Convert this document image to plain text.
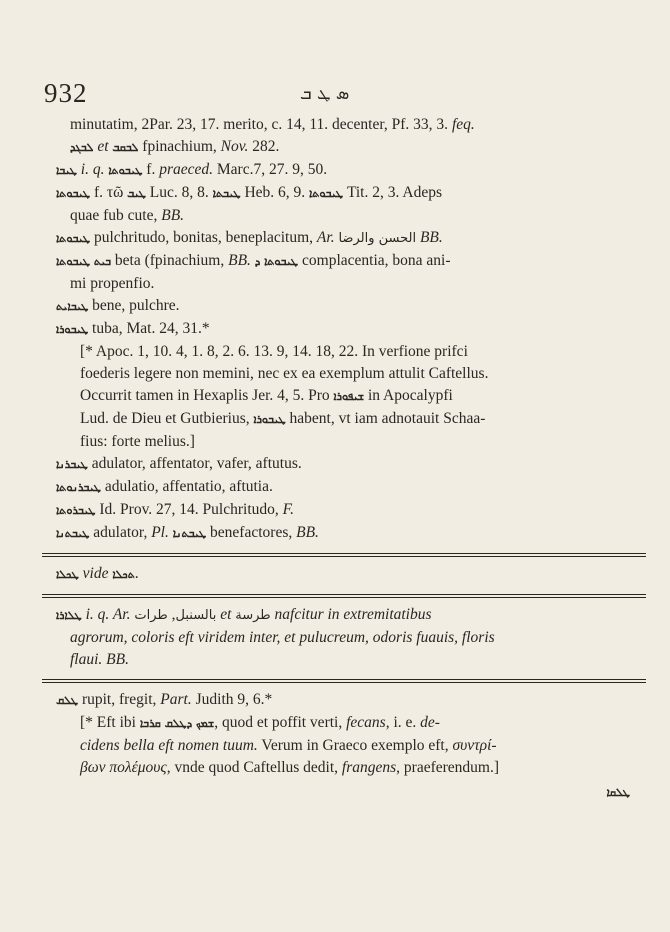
932	ܣ ܛ ܒ
minutatim, 2Par. 23, 17. merito, c. 14, 11. decenter, Pf. 33, 3. feq.
ܠܒܓܕ et ܠܒܩܒ fpinachium, Nov. 282.
ܛܝܒܐ i. q. ܛܝܒܘܬܐ f. praeced. Marc.7, 27. 9, 50.
ܛܝܒܘܬܐ f. τῶ ܛܝܒ Luc. 8, 8. ܛܝܒܬܐ Heb. 6, 9. ܛܝܒܘܬܐ Tit. 2, 3. Adeps
quae fub cute, BB.
ܛܝܒܘܬܐ pulchritudo, bonitas, beneplacitum, Ar. الحسن والرضا BB.
ܒܝܬ ܛܝܒܘܬܐ beta (fpinachium, BB. ܛܝܒܘܬܐ ܕ complacentia, bona ani-
mi propenfio.
ܛܝܒܐܝܬ bene, pulchre.
ܛܝܒܘܪܐ tuba, Mat. 24, 31.*
[* Apoc. 1, 10. 4, 1. 8, 2. 6. 13. 9, 14. 18, 22. In verfione prifci
foederis legere non memini, nec ex ea exemplum attulit Caftellus.
Occurrit tamen in Hexaplis Jer. 4, 5. Pro ܫܝܦܘܪܐ in Apocalypfi
Lud. de Dieu et Gutbierius, ܛܝܒܘܪܐ habent, vt iam adnotauit Schaa-
fius: forte melius.]
ܛܝܒܪܢܐ adulator, affentator, vafer, aftutus.
ܛܝܒܪܢܘܬܐ adulatio, affentatio, aftutia.
ܛܝܒܪܘܬܐ Id. Prov. 27, 14. Pulchritudo, F.
ܛܝܒܬܢܐ adulator, Pl. ܛܝܒܬܢܐ benefactores, BB.
ܛܟܠܐ vide ܬܟܠܐ.
ܛܠܐܪܐ i. q. Ar.	بالسنبل, طرات	et طرسة nafcitur in extremitatibus
agrorum, coloris eft viridem inter, et pulucreum, odoris fuauis, floris
flaui. BB.
ܛܠܩ rupit, fregit, Part. Judith 9, 6.*
[* Eft ibi	ܫܡܟ ܕܛܠܩ ܩܪܒܐ	, quod et poffit verti, fecans, i. e. de-
cidens bella eft nomen tuum. Verum in Graeco exemplo eft, συντρί-
βων πολέμους, vnde quod Caftellus dedit, frangens, praeferendum.]
ܛܠܩܐ
